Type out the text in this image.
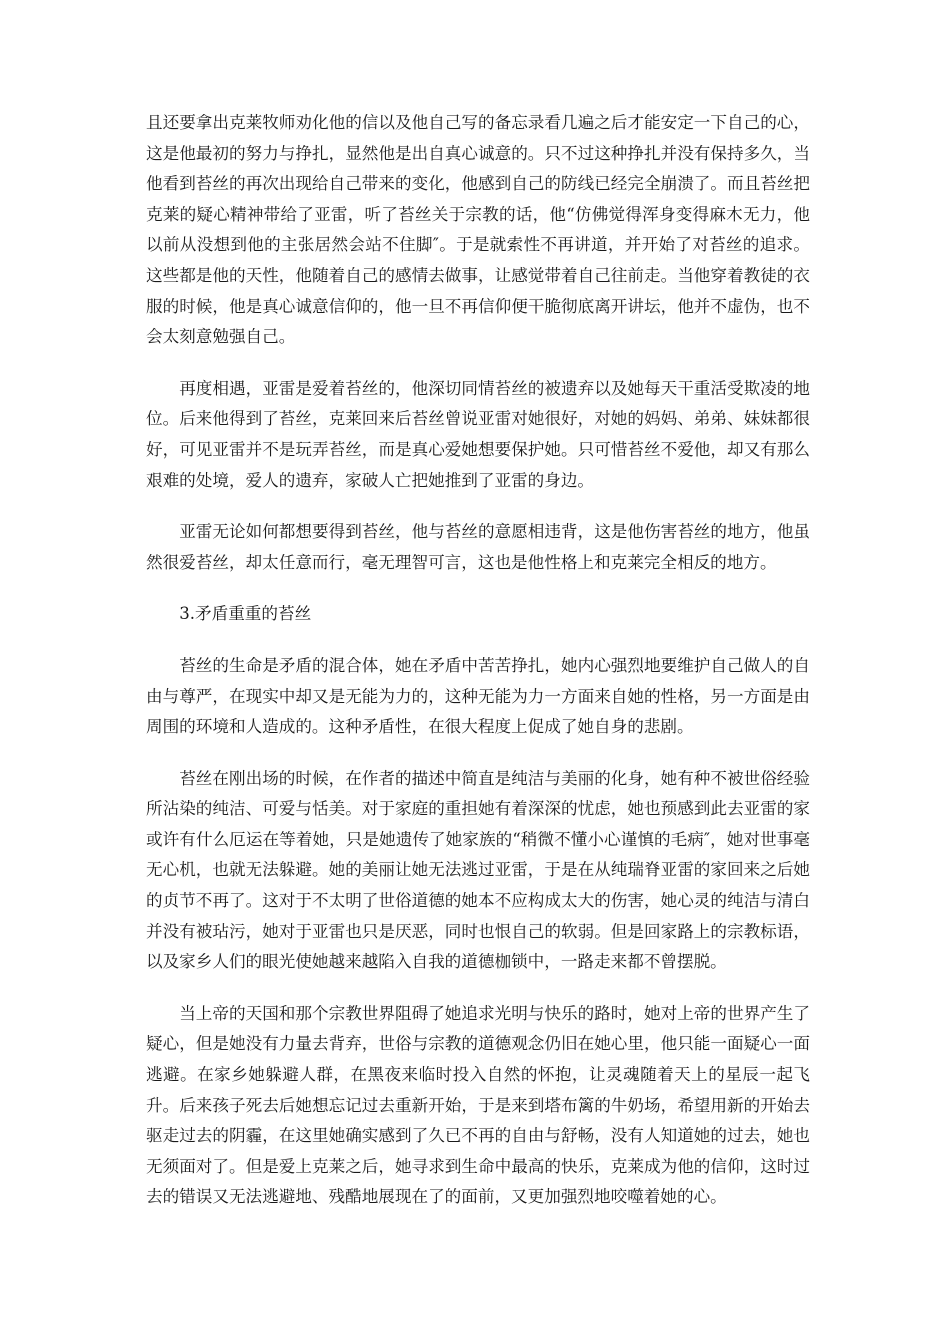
且还要拿出克莱牧师劝化他的信以及他自己写的备忘录看几遍之后才能安定一下自己的心，这是他最初的努力与挣扎，显然他是出自真心诚意的。只不过这种挣扎并没有保持多久，当他看到苔丝的再次出现给自己带来的变化，他感到自己的防线已经完全崩溃了。而且苔丝把克莱的疑心精神带给了亚雷，听了苔丝关于宗教的话，他“仿佛觉得浑身变得麻木无力，他以前从没想到他的主张居然会站不住脚″。于是就索性不再讲道，并开始了对苔丝的追求。这些都是他的天性，他随着自己的感情去做事，让感觉带着自己往前走。当他穿着教徒的衣服的时候，他是真心诚意信仰的，他一旦不再信仰便干脆彻底离开讲坛，他并不虚伪，也不会太刻意勉强自己。

再度相遇，亚雷是爱着苔丝的，他深切同情苔丝的被遗弃以及她每天干重活受欺凌的地位。后来他得到了苔丝，克莱回来后苔丝曾说亚雷对她很好，对她的妈妈、弟弟、妹妹都很好，可见亚雷并不是玩弄苔丝，而是真心爱她想要保护她。只可惜苔丝不爱他，却又有那么艰难的处境，爱人的遗弃，家破人亡把她推到了亚雷的身边。

亚雷无论如何都想要得到苔丝，他与苔丝的意愿相违背，这是他伤害苔丝的地方，他虽然很爱苔丝，却太任意而行，毫无理智可言，这也是他性格上和克莱完全相反的地方。

3.矛盾重重的苔丝

苔丝的生命是矛盾的混合体，她在矛盾中苦苦挣扎，她内心强烈地要维护自己做人的自由与尊严，在现实中却又是无能为力的，这种无能为力一方面来自她的性格，另一方面是由周围的环境和人造成的。这种矛盾性，在很大程度上促成了她自身的悲剧。

苔丝在刚出场的时候，在作者的描述中简直是纯洁与美丽的化身，她有种不被世俗经验所沾染的纯洁、可爱与恬美。对于家庭的重担她有着深深的忧虑，她也预感到此去亚雷的家或许有什么厄运在等着她，只是她遗传了她家族的“稍微不懂小心谨慎的毛病″，她对世事毫无心机，也就无法躲避。她的美丽让她无法逃过亚雷，于是在从纯瑞脊亚雷的家回来之后她的贞节不再了。这对于不太明了世俗道德的她本不应构成太大的伤害，她心灵的纯洁与清白并没有被玷污，她对于亚雷也只是厌恶，同时也恨自己的软弱。但是回家路上的宗教标语，以及家乡人们的眼光使她越来越陷入自我的道德枷锁中，一路走来都不曾摆脱。

当上帝的天国和那个宗教世界阻碍了她追求光明与快乐的路时，她对上帝的世界产生了疑心，但是她没有力量去背弃，世俗与宗教的道德观念仍旧在她心里，他只能一面疑心一面逃避。在家乡她躲避人群，在黑夜来临时投入自然的怀抱，让灵魂随着天上的星辰一起飞升。后来孩子死去后她想忘记过去重新开始，于是来到塔布篱的牛奶场，希望用新的开始去驱走过去的阴霾，在这里她确实感到了久已不再的自由与舒畅，没有人知道她的过去，她也无须面对了。但是爱上克莱之后，她寻求到生命中最高的快乐，克莱成为他的信仰，这时过去的错误又无法逃避地、残酷地展现在了的面前，又更加强烈地咬噬着她的心。
